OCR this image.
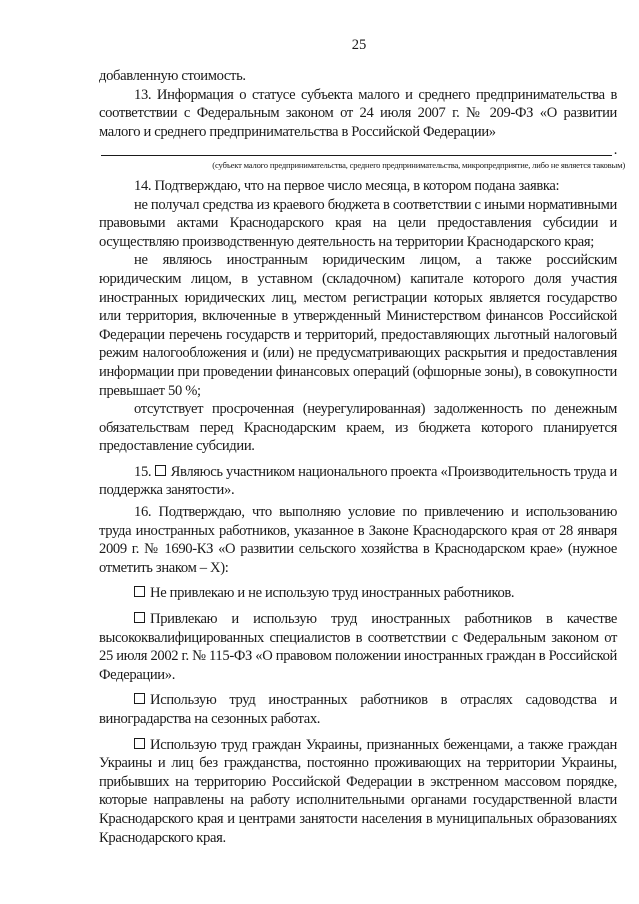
25

добавленную стоимость.

13. Информация о статусе субъекта малого и среднего предпринимательства в соответствии с Федеральным законом от 24 июля 2007 г. № 209-ФЗ «О развитии малого и среднего предпринимательства в Российской Федерации»

.

(субъект малого предпринимательства, среднего предпринимательства, микропредприятие, либо не является таковым)

14. Подтверждаю, что на первое число месяца, в котором подана заявка:

не получал средства из краевого бюджета в соответствии с иными нормативными правовыми актами Краснодарского края на цели предоставления субсидии и осуществляю производственную деятельность на территории Краснодарского края;

не являюсь иностранным юридическим лицом, а также российским юридическим лицом, в уставном (складочном) капитале которого доля участия иностранных юридических лиц, местом регистрации которых является государство или территория, включенные в утвержденный Министерством финансов Российской Федерации перечень государств и территорий, предоставляющих льготный налоговый режим налогообложения и (или) не предусматривающих раскрытия и предоставления информации при проведении финансовых операций (офшорные зоны), в совокупности превышает 50 %;

отсутствует просроченная (неурегулированная) задолженность по денежным обязательствам перед Краснодарским краем, из бюджета которого планируется предоставление субсидии.

15. Являюсь участником национального проекта «Производительность труда и поддержка занятости».

16. Подтверждаю, что выполняю условие по привлечению и использованию труда иностранных работников, указанное в Законе Краснодарского края от 28 января 2009 г. № 1690-КЗ «О развитии сельского хозяйства в Краснодарском крае» (нужное отметить знаком – Х):

Не привлекаю и не использую труд иностранных работников.

Привлекаю и использую труд иностранных работников в качестве высококвалифицированных специалистов в соответствии с Федеральным законом от 25 июля 2002 г. № 115-ФЗ «О правовом положении иностранных граждан в Российской Федерации».

Использую труд иностранных работников в отраслях садоводства и виноградарства на сезонных работах.

Использую труд граждан Украины, признанных беженцами, а также граждан Украины и лиц без гражданства, постоянно проживающих на территории Украины, прибывших на территорию Российской Федерации в экстренном массовом порядке, которые направлены на работу исполнительными органами государственной власти Краснодарского края и центрами занятости населения в муниципальных образованиях Краснодарского края.
